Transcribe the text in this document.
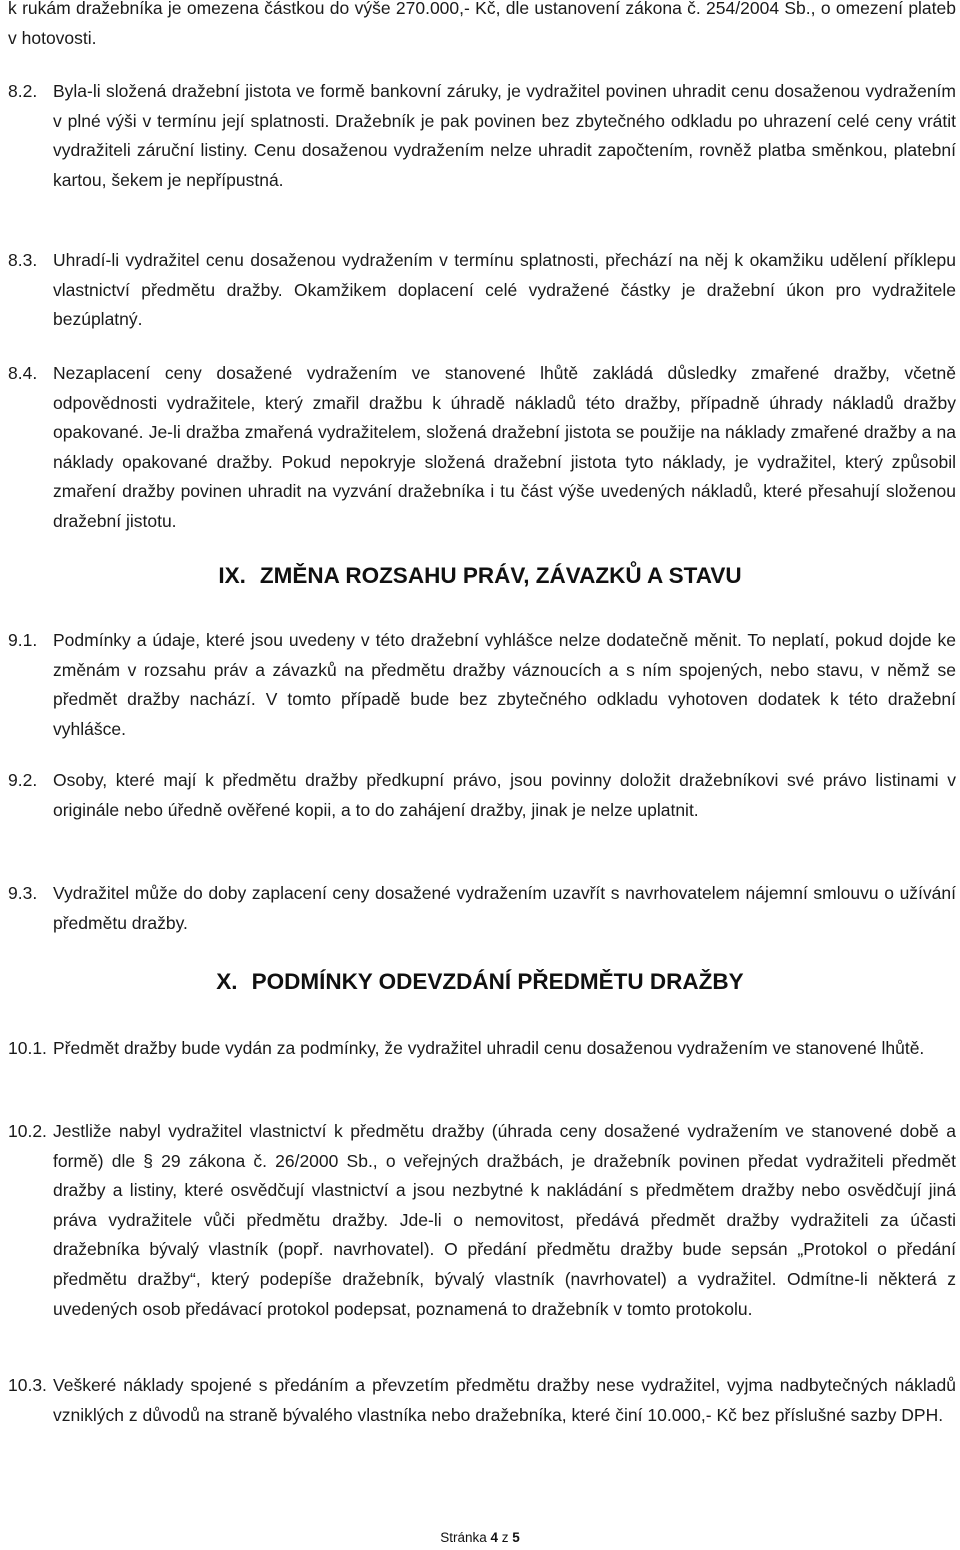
k rukám dražebníka je omezena částkou do výše 270.000,- Kč, dle ustanovení zákona č. 254/2004 Sb., o omezení plateb v hotovosti.

8.2. Byla-li složená dražební jistota ve formě bankovní záruky, je vydražitel povinen uhradit cenu dosaženou vydražením v plné výši v termínu její splatnosti. Dražebník je pak povinen bez zbytečného odkladu po uhrazení celé ceny vrátit vydražiteli záruční listiny. Cenu dosaženou vydražením nelze uhradit započtením, rovněž platba směnkou, platební kartou, šekem je nepřípustná.
8.3. Uhradí-li vydražitel cenu dosaženou vydražením v termínu splatnosti, přechází na něj k okamžiku udělení příklepu vlastnictví předmětu dražby. Okamžikem doplacení celé vydražené částky je dražební úkon pro vydražitele bezúplatný.
8.4. Nezaplacení ceny dosažené vydražením ve stanovené lhůtě zakládá důsledky zmařené dražby, včetně odpovědnosti vydražitele, který zmařil dražbu k úhradě nákladů této dražby, případně úhrady nákladů dražby opakované. Je-li dražba zmařená vydražitelem, složená dražební jistota se použije na náklady zmařené dražby a na náklady opakované dražby. Pokud nepokryje složená dražební jistota tyto náklady, je vydražitel, který způsobil zmaření dražby povinen uhradit na vyzvání dražebníka i tu část výše uvedených nákladů, které přesahují složenou dražební jistotu.
IX. ZMĚNA ROZSAHU PRÁV, ZÁVAZKŮ A STAVU
9.1. Podmínky a údaje, které jsou uvedeny v této dražební vyhlášce nelze dodatečně měnit. To neplatí, pokud dojde ke změnám v rozsahu práv a závazků na předmětu dražby váznoucích a s ním spojených, nebo stavu, v němž se předmět dražby nachází. V tomto případě bude bez zbytečného odkladu vyhotoven dodatek k této dražební vyhlášce.
9.2. Osoby, které mají k předmětu dražby předkupní právo, jsou povinny doložit dražebníkovi své právo listinami v originále nebo úředně ověřené kopii, a to do zahájení dražby, jinak je nelze uplatnit.
9.3. Vydražitel může do doby zaplacení ceny dosažené vydražením uzavřít s navrhovatelem nájemní smlouvu o užívání předmětu dražby.
X. PODMÍNKY ODEVZDÁNÍ PŘEDMĚTU DRAŽBY
10.1. Předmět dražby bude vydán za podmínky, že vydražitel uhradil cenu dosaženou vydražením ve stanovené lhůtě.
10.2. Jestliže nabyl vydražitel vlastnictví k předmětu dražby (úhrada ceny dosažené vydražením ve stanovené době a formě) dle § 29 zákona č. 26/2000 Sb., o veřejných dražbách, je dražebník povinen předat vydražiteli předmět dražby a listiny, které osvědčují vlastnictví a jsou nezbytné k nakládání s předmětem dražby nebo osvědčují jiná práva vydražitele vůči předmětu dražby. Jde-li o nemovitost, předává předmět dražby vydražiteli za účasti dražebníka bývalý vlastník (popř. navrhovatel). O předání předmětu dražby bude sepsán „Protokol o předání předmětu dražby“, který podepíše dražebník, bývalý vlastník (navrhovatel) a vydražitel. Odmítne-li některá z uvedených osob předávací protokol podepsat, poznamená to dražebník v tomto protokolu.
10.3. Veškeré náklady spojené s předáním a převzetím předmětu dražby nese vydražitel, vyjma nadbytečných nákladů vzniklých z důvodů na straně bývalého vlastníka nebo dražebníka, které činí 10.000,- Kč bez příslušné sazby DPH.
Stránka 4 z 5
